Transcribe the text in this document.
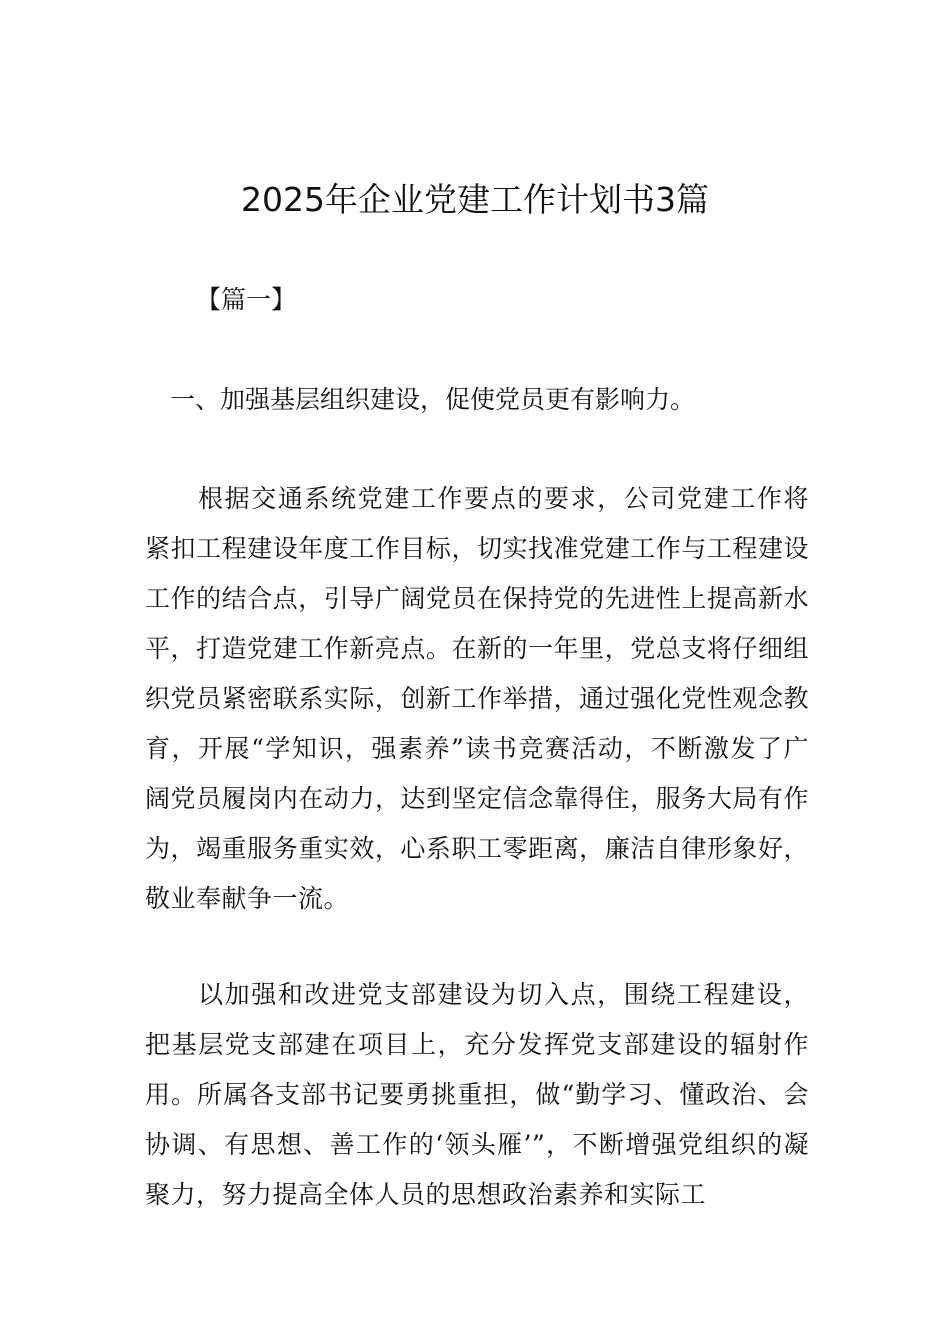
2025年企业党建工作计划书3篇
【篇一】
一、加强基层组织建设，促使党员更有影响力。

根据交通系统党建工作要点的要求，公司党建工作将紧扣工程建设年度工作目标，切实找准党建工作与工程建设工作的结合点，引导广阔党员在保持党的先进性上提高新水平，打造党建工作新亮点。在新的一年里，党总支将仔细组织党员紧密联系实际，创新工作举措，通过强化党性观念教育，开展“学知识，强素养”读书竞赛活动，不断激发了广阔党员履岗内在动力，达到坚定信念靠得住，服务大局有作为，竭重服务重实效，心系职工零距离，廉洁自律形象好，敬业奉献争一流。

以加强和改进党支部建设为切入点，围绕工程建设，把基层党支部建在项目上，充分发挥党支部建设的辐射作用。所属各支部书记要勇挑重担，做“勤学习、懂政治、会协调、有思想、善工作的‘领头雁’”，不断增强党组织的凝聚力，努力提高全体人员的思想政治素养和实际工
